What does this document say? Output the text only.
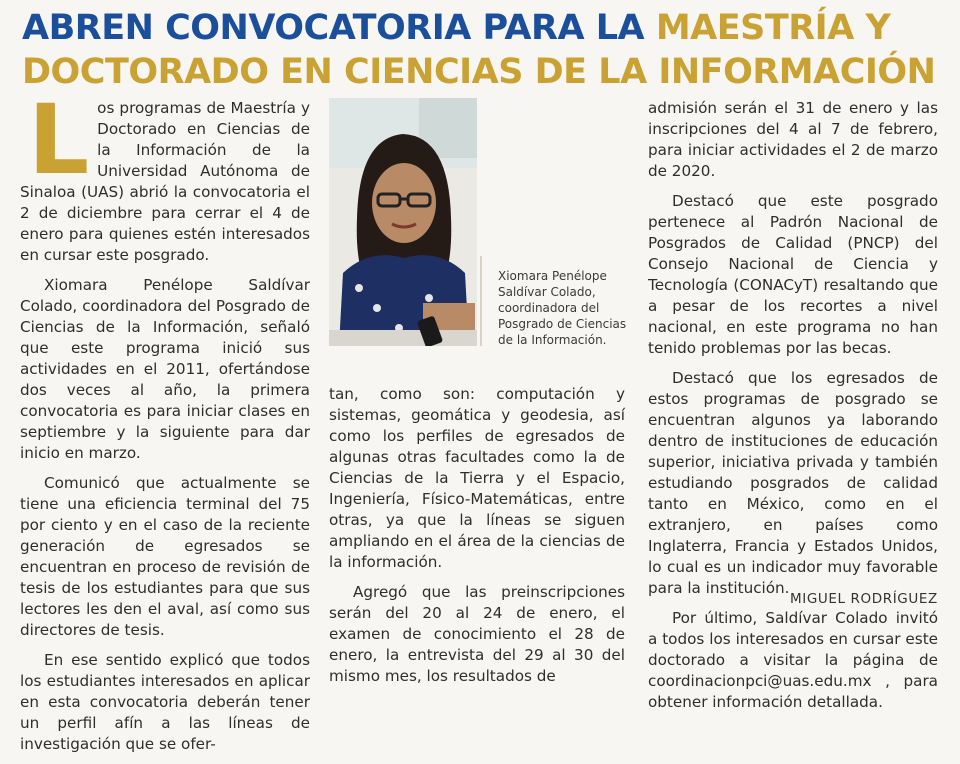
ABREN CONVOCATORIA PARA LA MAESTRÍA Y DOCTORADO EN CIENCIAS DE LA INFORMACIÓN

Los programas de Maestría y Doctorado en Ciencias de la Información de la Universidad Autónoma de Sinaloa (UAS) abrió la convocatoria el 2 de diciembre para cerrar el 4 de enero para quienes estén interesados en cursar este posgrado.

Xiomara Penélope Saldívar Colado, coordinadora del Posgrado de Ciencias de la Información, señaló que este programa inició sus actividades en el 2011, ofertándose dos veces al año, la primera convocatoria es para iniciar clases en septiembre y la siguiente para dar inicio en marzo.

Comunicó que actualmente se tiene una eficiencia terminal del 75 por ciento y en el caso de la reciente generación de egresados se encuentran en proceso de revisión de tesis de los estudiantes para que sus lectores les den el aval, así como sus directores de tesis.

En ese sentido explicó que todos los estudiantes interesados en aplicar en esta convocatoria deberán tener un perfil afín a las líneas de investigación que se ofer-

Xiomara Penélope Saldívar Colado, coordinadora del Posgrado de Ciencias de la Información.

tan, como son: computación y sistemas, geomática y geodesia, así como los perfiles de egresados de algunas otras facultades como la de Ciencias de la Tierra y el Espacio, Ingeniería, Físico-Matemáticas, entre otras, ya que la líneas se siguen ampliando en el área de la ciencias de la información.

Agregó que las preinscripciones serán del 20 al 24 de enero, el examen de conocimiento el 28 de enero, la entrevista del 29 al 30 del mismo mes, los resultados de

admisión serán el 31 de enero y las inscripciones del 4 al 7 de febrero, para iniciar actividades el 2 de marzo de 2020.

Destacó que este posgrado pertenece al Padrón Nacional de Posgrados de Calidad (PNCP) del Consejo Nacional de Ciencia y Tecnología (CONACyT) resaltando que a pesar de los recortes a nivel nacional, en este programa no han tenido problemas por las becas.

Destacó que los egresados de estos programas de posgrado se encuentran algunos ya laborando dentro de instituciones de educación superior, iniciativa privada y también estudiando posgrados de calidad tanto en México, como en el extranjero, en países como Inglaterra, Francia y Estados Unidos, lo cual es un indicador muy favorable para la institución.

Por último, Saldívar Colado invitó a todos los interesados en cursar este doctorado a visitar la página de coordinacionpci@uas.edu.mx , para obtener información detallada.

MIGUEL RODRÍGUEZ
